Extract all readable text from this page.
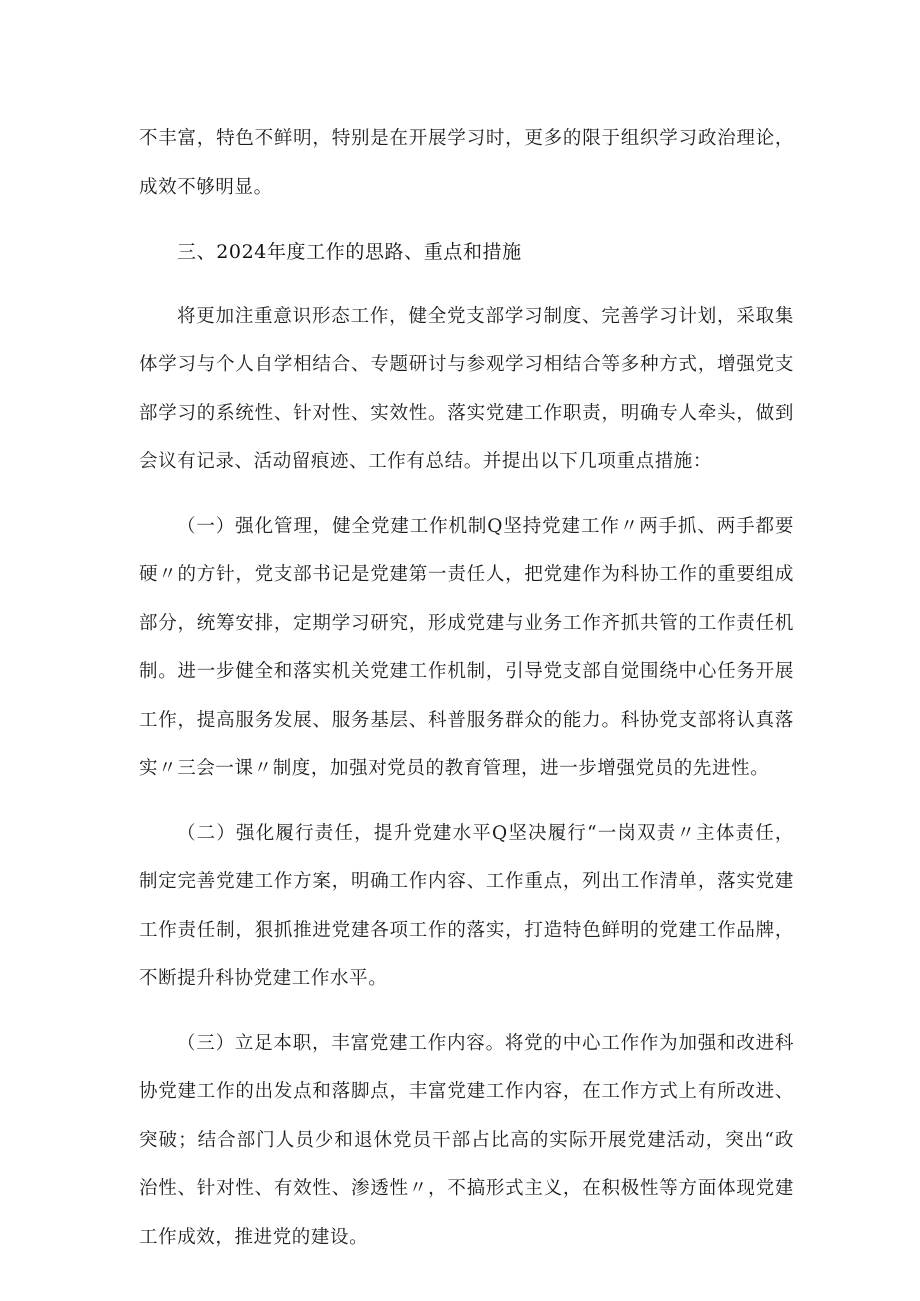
不丰富，特色不鲜明，特别是在开展学习时，更多的限于组织学习政治理论，成效不够明显。

三、2024年度工作的思路、重点和措施

将更加注重意识形态工作，健全党支部学习制度、完善学习计划，采取集体学习与个人自学相结合、专题研讨与参观学习相结合等多种方式，增强党支部学习的系统性、针对性、实效性。落实党建工作职责，明确专人牵头，做到会议有记录、活动留痕迹、工作有总结。并提出以下几项重点措施：

（一）强化管理，健全党建工作机制Q坚持党建工作〃两手抓、两手都要硬〃的方针，党支部书记是党建第一责任人，把党建作为科协工作的重要组成部分，统筹安排，定期学习研究，形成党建与业务工作齐抓共管的工作责任机制。进一步健全和落实机关党建工作机制，引导党支部自觉围绕中心任务开展工作，提高服务发展、服务基层、科普服务群众的能力。科协党支部将认真落实〃三会一课〃制度，加强对党员的教育管理，进一步增强党员的先进性。

（二）强化履行责任，提升党建水平Q坚决履行“一岗双责〃主体责任，制定完善党建工作方案，明确工作内容、工作重点，列出工作清单，落实党建工作责任制，狠抓推进党建各项工作的落实，打造特色鲜明的党建工作品牌，不断提升科协党建工作水平。

（三）立足本职，丰富党建工作内容。将党的中心工作作为加强和改进科协党建工作的出发点和落脚点，丰富党建工作内容，在工作方式上有所改进、突破；结合部门人员少和退休党员干部占比高的实际开展党建活动，突出“政治性、针对性、有效性、渗透性〃，不搞形式主义，在积极性等方面体现党建工作成效，推进党的建设。
